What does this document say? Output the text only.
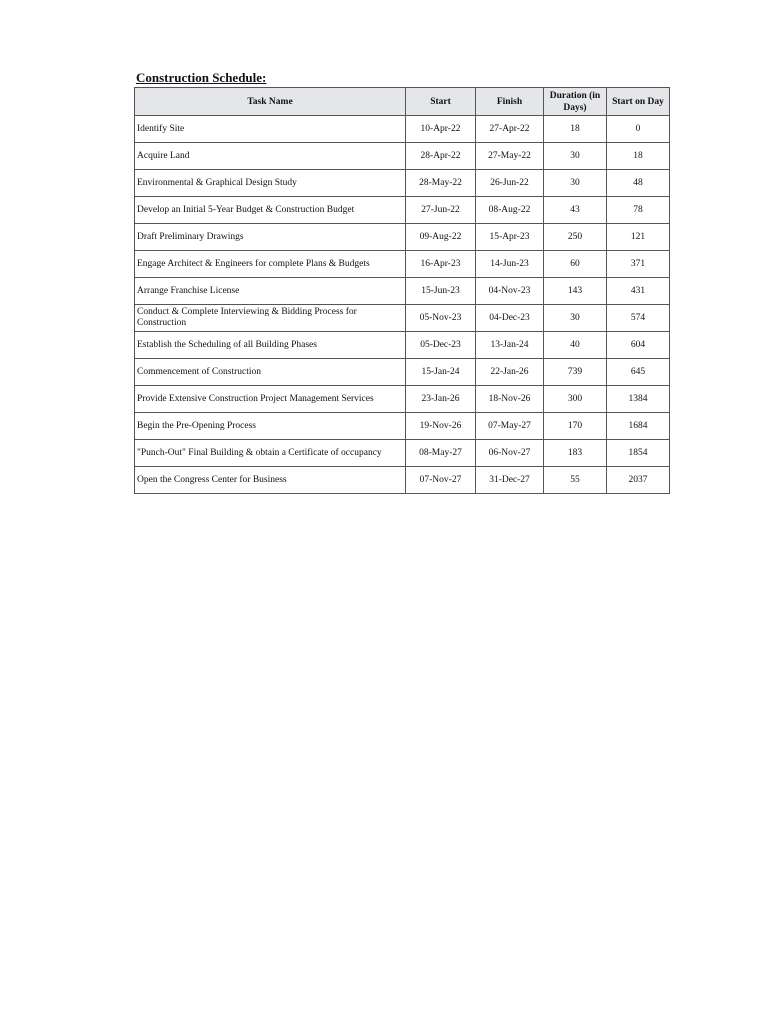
Construction Schedule:
Task Name	Start	Finish	Duration (in Days)	Start on Day
Identify Site	10-Apr-22	27-Apr-22	18	0
Acquire Land	28-Apr-22	27-May-22	30	18
Environmental & Graphical Design Study	28-May-22	26-Jun-22	30	48
Develop an Initial 5-Year Budget & Construction Budget	27-Jun-22	08-Aug-22	43	78
Draft Preliminary Drawings	09-Aug-22	15-Apr-23	250	121
Engage Architect & Engineers for complete Plans & Budgets	16-Apr-23	14-Jun-23	60	371
Arrange Franchise License	15-Jun-23	04-Nov-23	143	431
Conduct & Complete Interviewing & Bidding Process for Construction	05-Nov-23	04-Dec-23	30	574
Establish the Scheduling of all Building Phases	05-Dec-23	13-Jan-24	40	604
Commencement of Construction	15-Jan-24	22-Jan-26	739	645
Provide Extensive Construction Project Management Services	23-Jan-26	18-Nov-26	300	1384
Begin the Pre-Opening Process	19-Nov-26	07-May-27	170	1684
"Punch-Out" Final Building & obtain a Certificate of occupancy	08-May-27	06-Nov-27	183	1854
Open the Congress Center for Business	07-Nov-27	31-Dec-27	55	2037
